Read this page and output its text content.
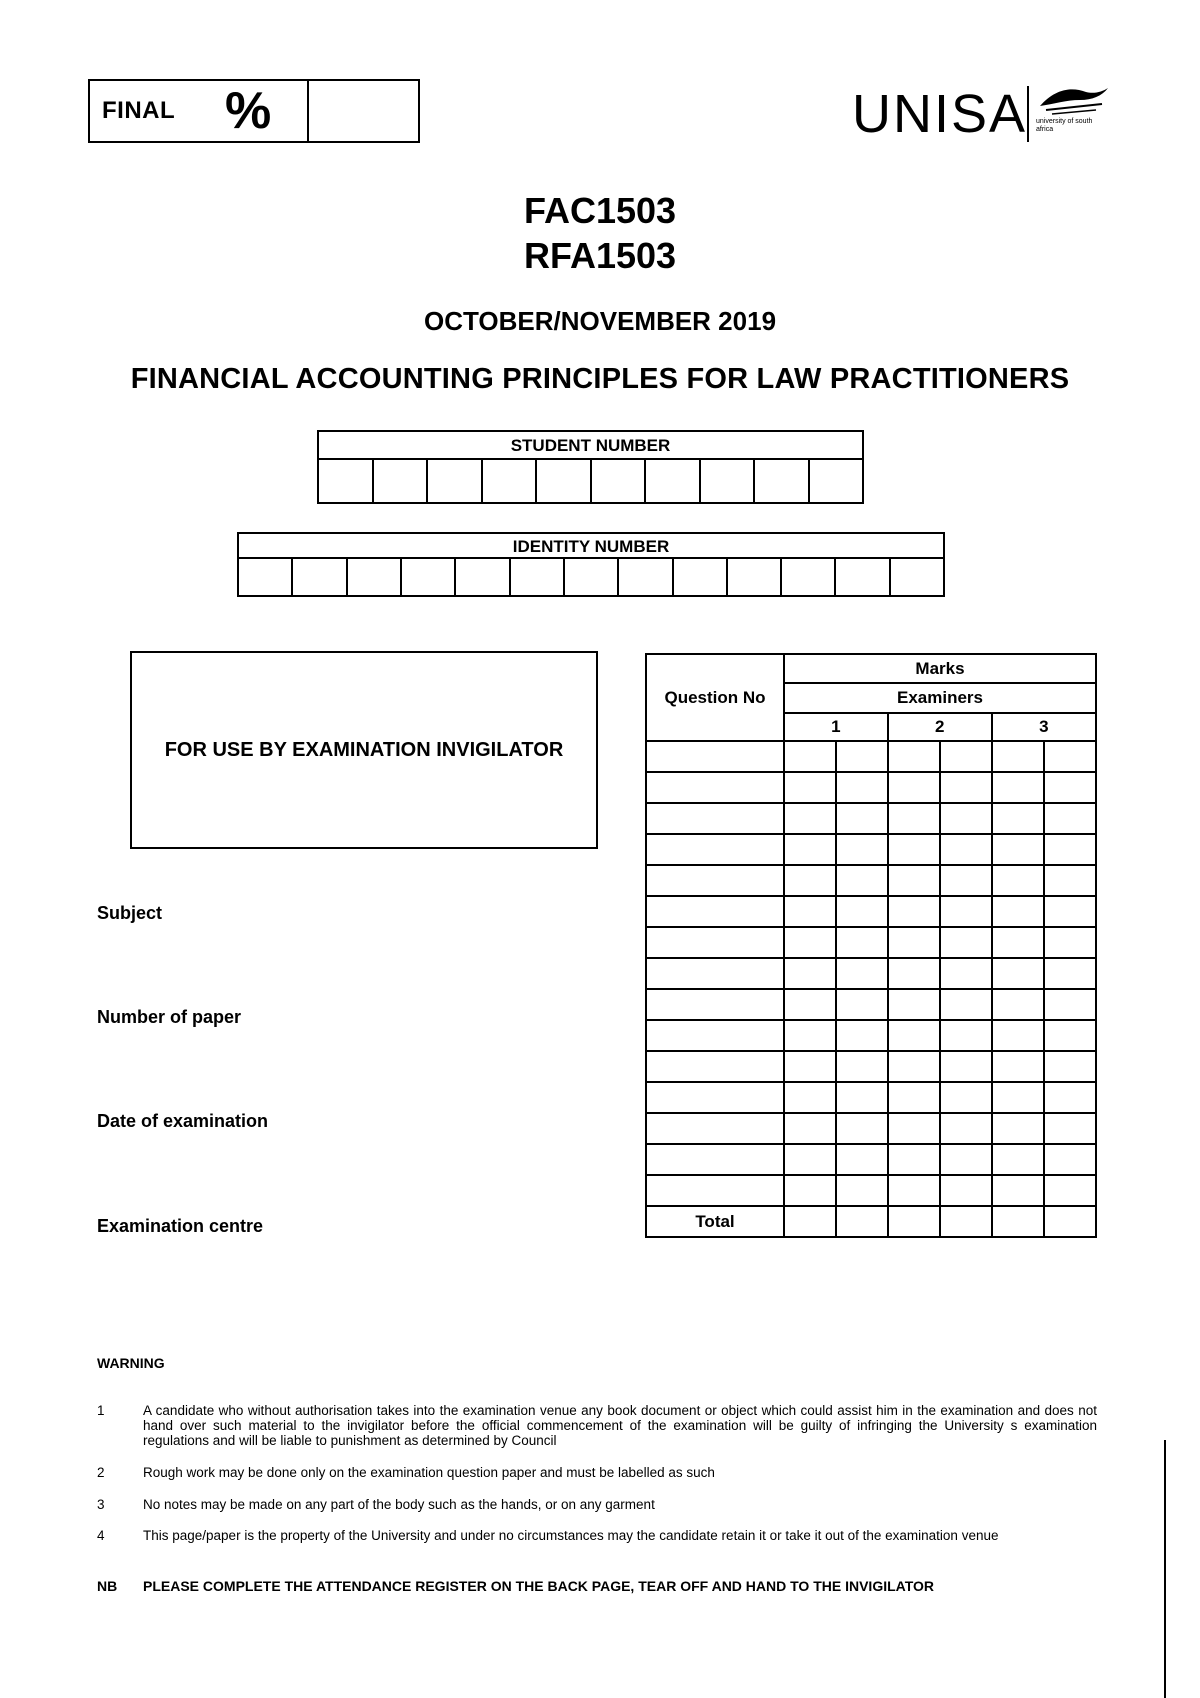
FINAL %	UNISA university of south africa
FAC1503
RFA1503
OCTOBER/NOVEMBER 2019
FINANCIAL ACCOUNTING PRINCIPLES FOR LAW PRACTITIONERS
STUDENT NUMBER
IDENTITY NUMBER
FOR USE BY EXAMINATION INVIGILATOR
Subject
Number of paper
Date of examination
Examination centre
Question No	Marks					
	Examiners					
	1		2		3	

Total						
WARNING
1	A candidate who without authorisation takes into the examination venue any book document or object which could assist him in the examination and does not hand over such material to the invigilator before the official commencement of the examination will be guilty of infringing the University s examination regulations and will be liable to punishment as determined by Council
2	Rough work may be done only on the examination question paper and must be labelled as such
3	No notes may be made on any part of the body such as the hands, or on any garment
4	This page/paper is the property of the University and under no circumstances may the candidate retain it or take it out of the examination venue
NB	PLEASE COMPLETE THE ATTENDANCE REGISTER ON THE BACK PAGE, TEAR OFF AND HAND TO THE INVIGILATOR
